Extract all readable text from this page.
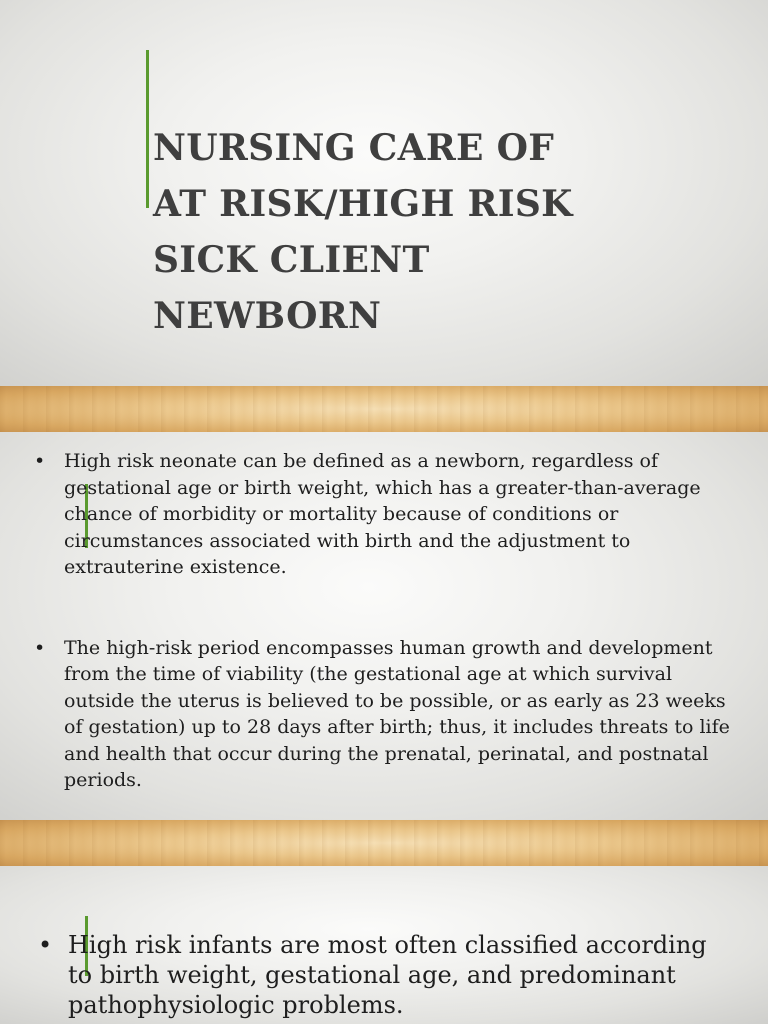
NURSING CARE OF
AT RISK/HIGH RISK
SICK CLIENT
NEWBORN
• High risk neonate can be defined as a newborn, regardless of gestational age or birth weight, which has a greater-than-average chance of morbidity or mortality because of conditions or circumstances associated with birth and the adjustment to extrauterine existence.
• The high-risk period encompasses human growth and development from the time of viability (the gestational age at which survival outside the uterus is believed to be possible, or as early as 23 weeks of gestation) up to 28 days after birth; thus, it includes threats to life and health that occur during the prenatal, perinatal, and postnatal periods.
• High risk infants are most often classified according to birth weight, gestational age, and predominant pathophysiologic problems.
